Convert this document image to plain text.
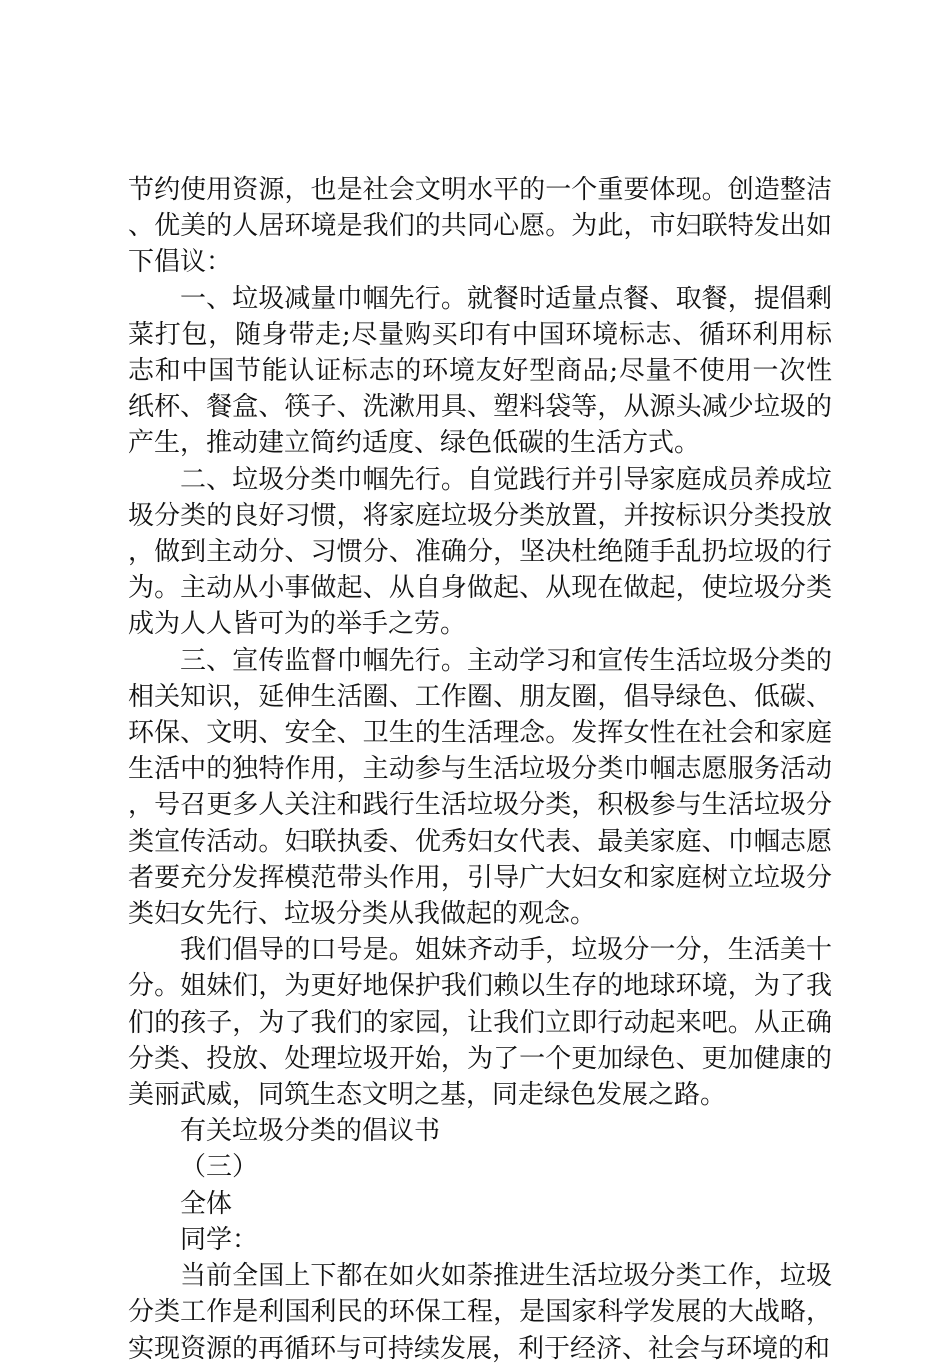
节约使用资源，也是社会文明水平的一个重要体现。创造整洁、优美的人居环境是我们的共同心愿。为此，市妇联特发出如下倡议：

一、垃圾减量巾帼先行。就餐时适量点餐、取餐，提倡剩菜打包，随身带走;尽量购买印有中国环境标志、循环利用标志和中国节能认证标志的环境友好型商品;尽量不使用一次性纸杯、餐盒、筷子、洗漱用具、塑料袋等，从源头减少垃圾的产生，推动建立简约适度、绿色低碳的生活方式。

二、垃圾分类巾帼先行。自觉践行并引导家庭成员养成垃圾分类的良好习惯，将家庭垃圾分类放置，并按标识分类投放，做到主动分、习惯分、准确分，坚决杜绝随手乱扔垃圾的行为。主动从小事做起、从自身做起、从现在做起，使垃圾分类成为人人皆可为的举手之劳。

三、宣传监督巾帼先行。主动学习和宣传生活垃圾分类的相关知识，延伸生活圈、工作圈、朋友圈，倡导绿色、低碳、环保、文明、安全、卫生的生活理念。发挥女性在社会和家庭生活中的独特作用，主动参与生活垃圾分类巾帼志愿服务活动，号召更多人关注和践行生活垃圾分类，积极参与生活垃圾分类宣传活动。妇联执委、优秀妇女代表、最美家庭、巾帼志愿者要充分发挥模范带头作用，引导广大妇女和家庭树立垃圾分类妇女先行、垃圾分类从我做起的观念。

我们倡导的口号是。姐妹齐动手，垃圾分一分，生活美十分。姐妹们，为更好地保护我们赖以生存的地球环境，为了我们的孩子，为了我们的家园，让我们立即行动起来吧。从正确分类、投放、处理垃圾开始，为了一个更加绿色、更加健康的美丽武威，同筑生态文明之基，同走绿色发展之路。

有关垃圾分类的倡议书

（三）

全体

同学：

当前全国上下都在如火如荼推进生活垃圾分类工作，垃圾分类工作是利国利民的环保工程，是国家科学发展的大战略，实现资源的再循环与可持续发展，利于经济、社会与环境的和
